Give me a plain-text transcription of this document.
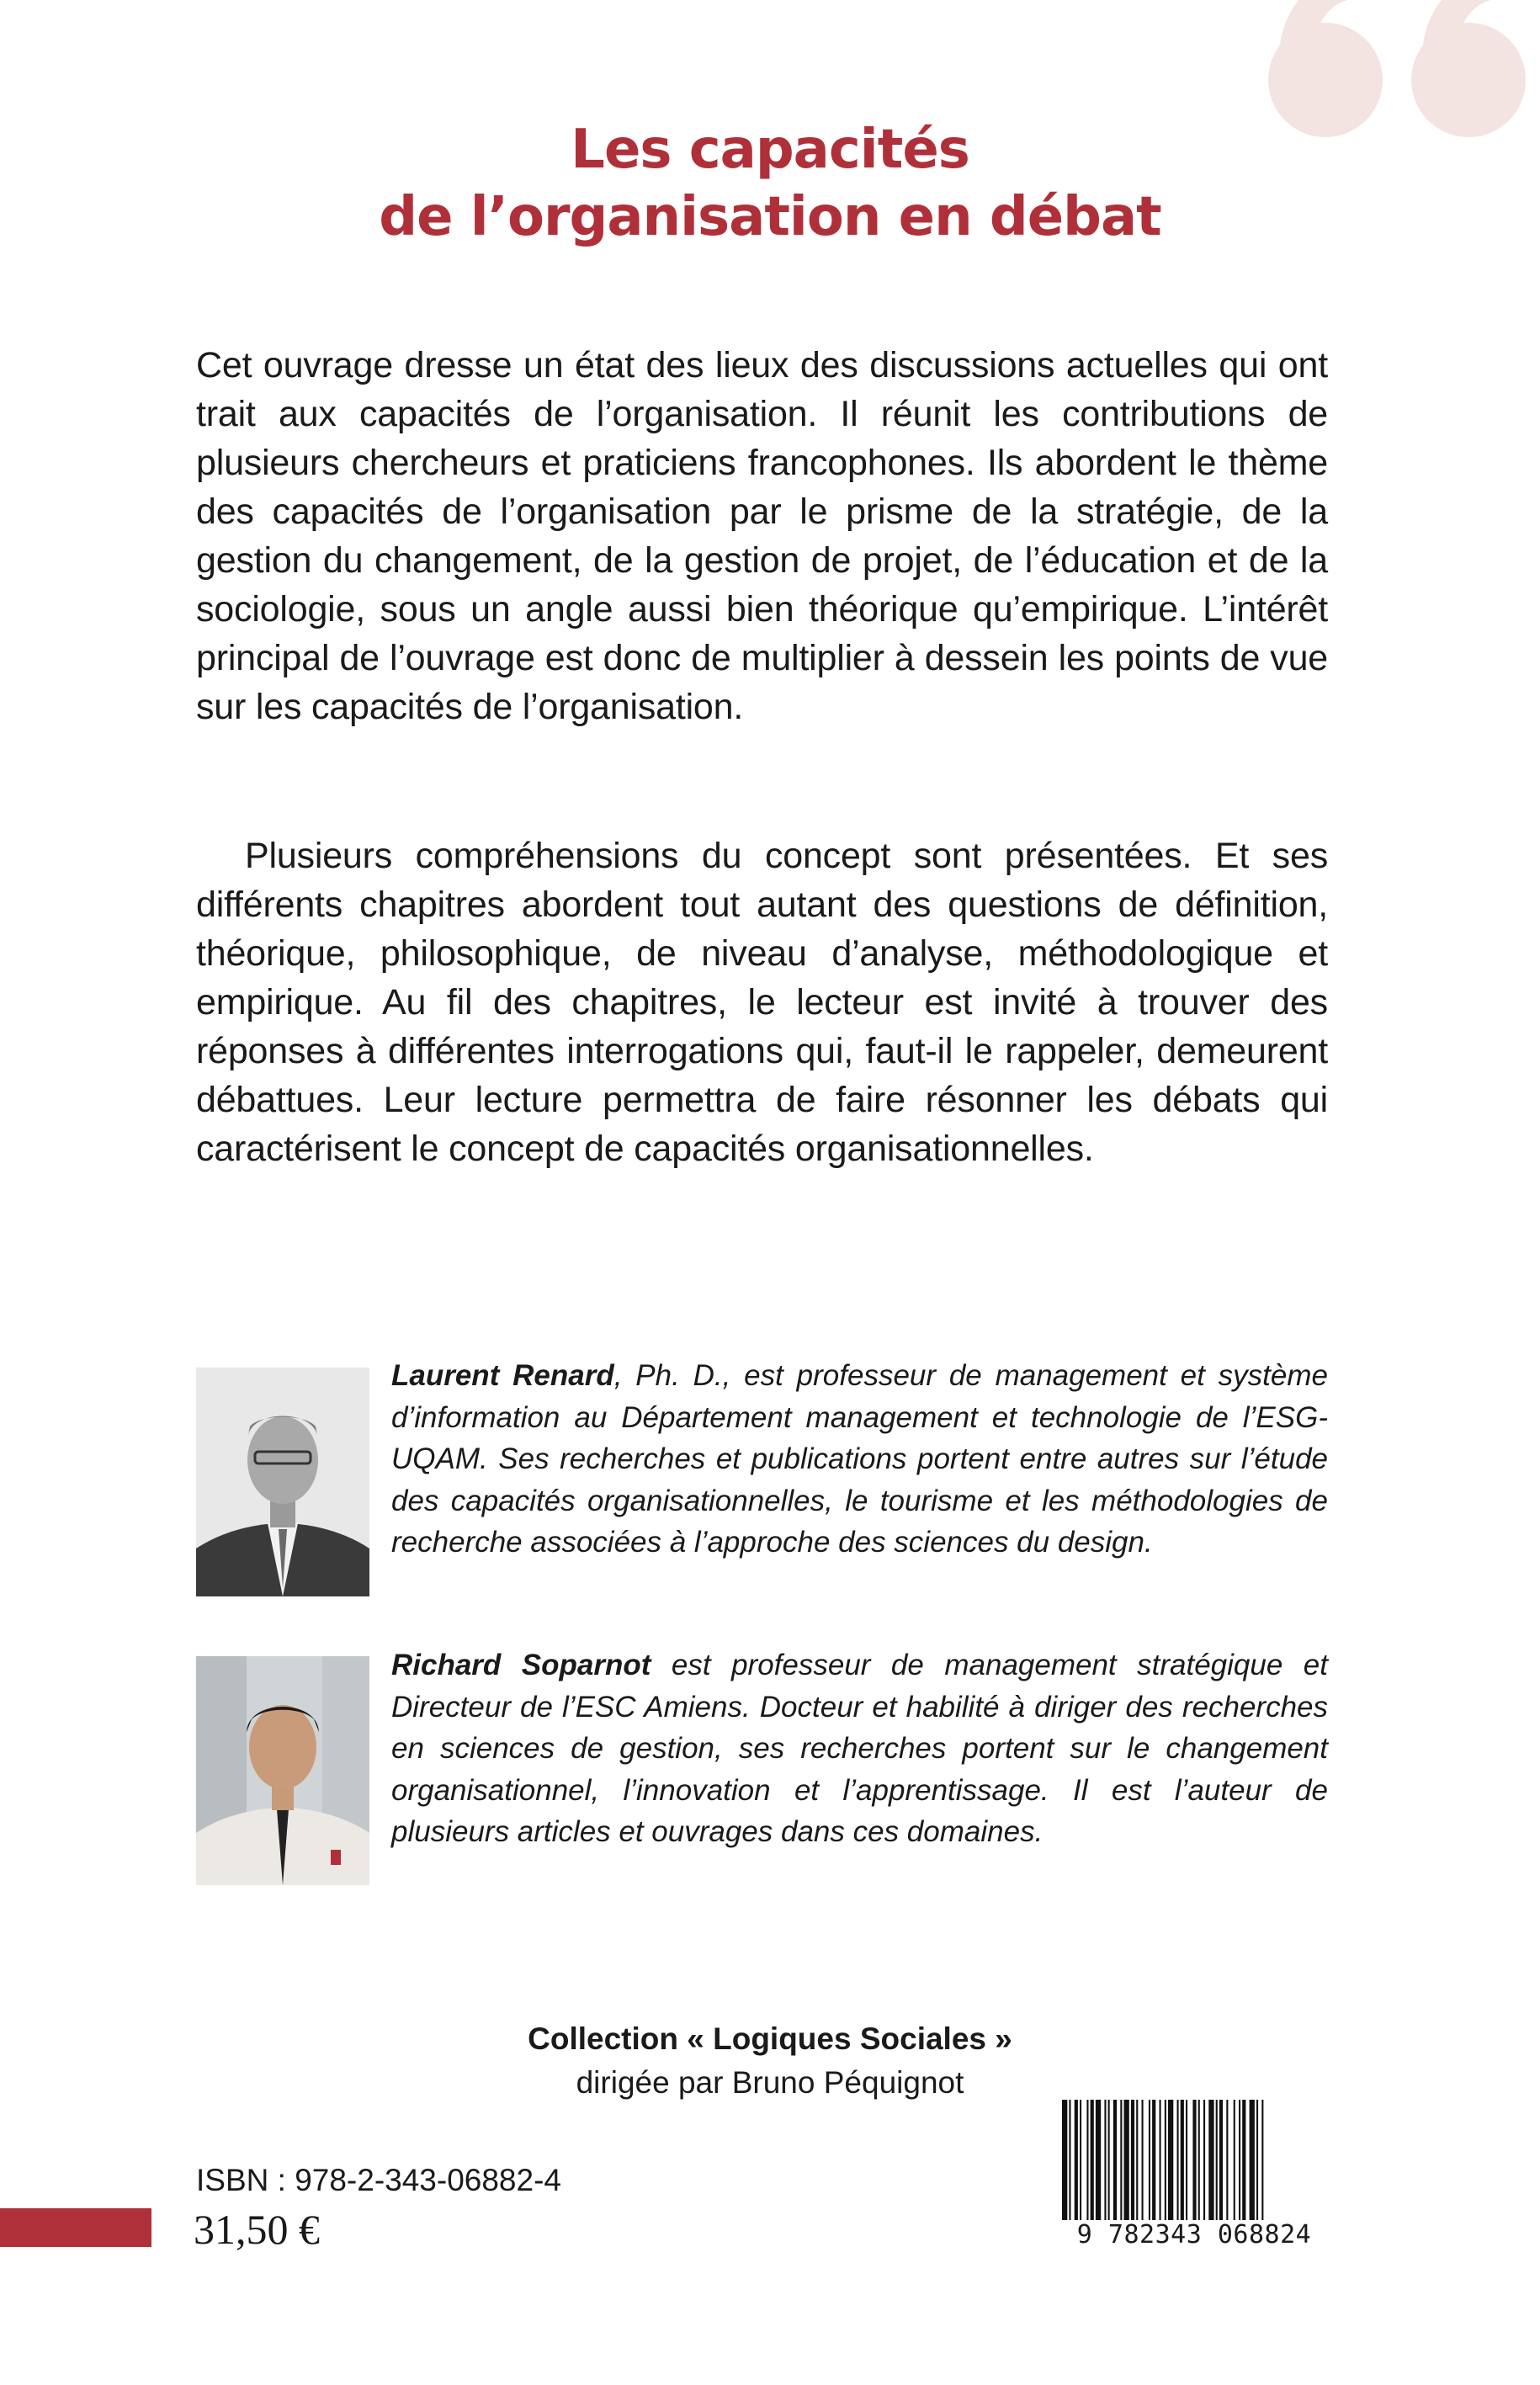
Les capacités
de l’organisation en débat

Cet ouvrage dresse un état des lieux des discussions actuelles qui ont trait aux capacités de l’organisation. Il réunit les contributions de plusieurs chercheurs et praticiens francophones. Ils abordent le thème des capacités de l’organisation par le prisme de la stratégie, de la gestion du changement, de la gestion de projet, de l’éducation et de la sociologie, sous un angle aussi bien théorique qu’empirique. L’intérêt principal de l’ouvrage est donc de multiplier à dessein les points de vue sur les capacités de l’organisation.

Plusieurs compréhensions du concept sont présentées. Et ses différents chapitres abordent tout autant des questions de définition, théorique, philosophique, de niveau d’analyse, méthodologique et empirique. Au fil des chapitres, le lecteur est invité à trouver des réponses à différentes interrogations qui, faut-il le rappeler, demeurent débattues. Leur lecture permettra de faire résonner les débats qui caractérisent le concept de capacités organisationnelles.

Laurent Renard, Ph. D., est professeur de management et système d’information au Département management et technologie de l’ESG-UQAM. Ses recherches et publications portent entre autres sur l’étude des capacités organisationnelles, le tourisme et les méthodologies de recherche associées à l’approche des sciences du design.

Richard Soparnot est professeur de management stratégique et Directeur de l’ESC Amiens. Docteur et habilité à diriger des recherches en sciences de gestion, ses recherches portent sur le changement organisationnel, l’innovation et l’apprentissage. Il est l’auteur de plusieurs articles et ouvrages dans ces domaines.

Collection « Logiques Sociales »
dirigée par Bruno Péquignot
ISBN : 978-2-343-06882-4
31,50 €	9 782343 068824
